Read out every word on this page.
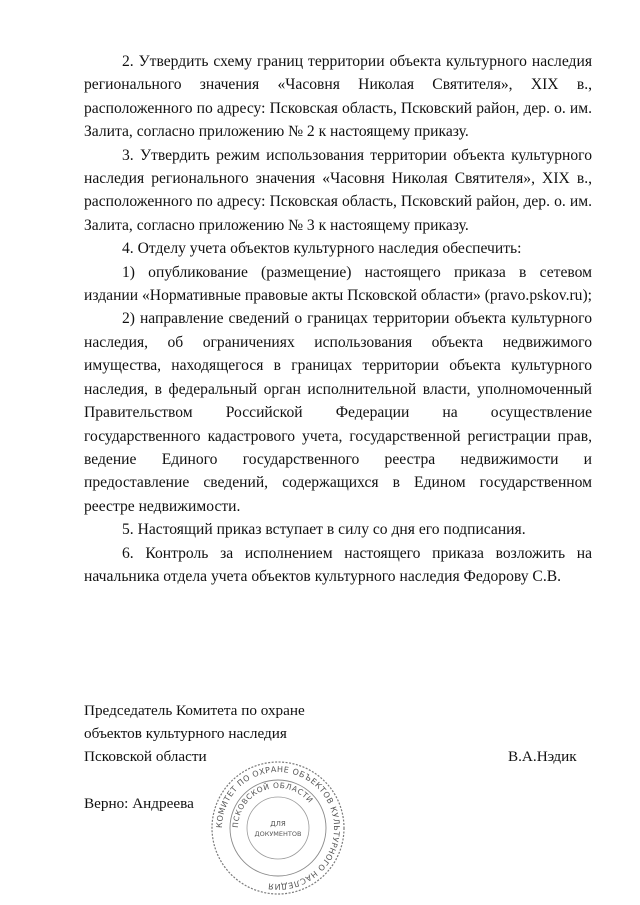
2. Утвердить схему границ территории объекта культурного наследия регионального значения «Часовня Николая Святителя», XIX в., расположенного по адресу: Псковская область, Псковский район, дер. о. им. Залита, согласно приложению № 2 к настоящему приказу.

3. Утвердить режим использования территории объекта культурного наследия регионального значения «Часовня Николая Святителя», XIX в., расположенного по адресу: Псковская область, Псковский район, дер. о. им. Залита, согласно приложению № 3 к настоящему приказу.

4. Отделу учета объектов культурного наследия обеспечить:

1) опубликование (размещение) настоящего приказа в сетевом издании «Нормативные правовые акты Псковской области» (pravo.pskov.ru);

2) направление сведений о границах территории объекта культурного наследия, об ограничениях использования объекта недвижимого имущества, находящегося в границах территории объекта культурного наследия, в федеральный орган исполнительной власти, уполномоченный Правительством Российской Федерации на осуществление государственного кадастрового учета, государственной регистрации прав, ведение Единого государственного реестра недвижимости и предоставление сведений, содержащихся в Едином государственном реестре недвижимости.

5. Настоящий приказ вступает в силу со дня его подписания.

6. Контроль за исполнением настоящего приказа возложить на начальника отдела учета объектов культурного наследия Федорову С.В.

Председатель Комитета по охране
объектов культурного наследия
Псковской области	В.А.Нэдик
Верно: Андреева
КОМИТЕТ ПО ОХРАНЕ ОБЪЕКТОВ КУЛЬТУРНОГО НАСЛЕДИЯ
ПСКОВСКОЙ ОБЛАСТИ
ДЛЯ
ДОКУМЕНТОВ
